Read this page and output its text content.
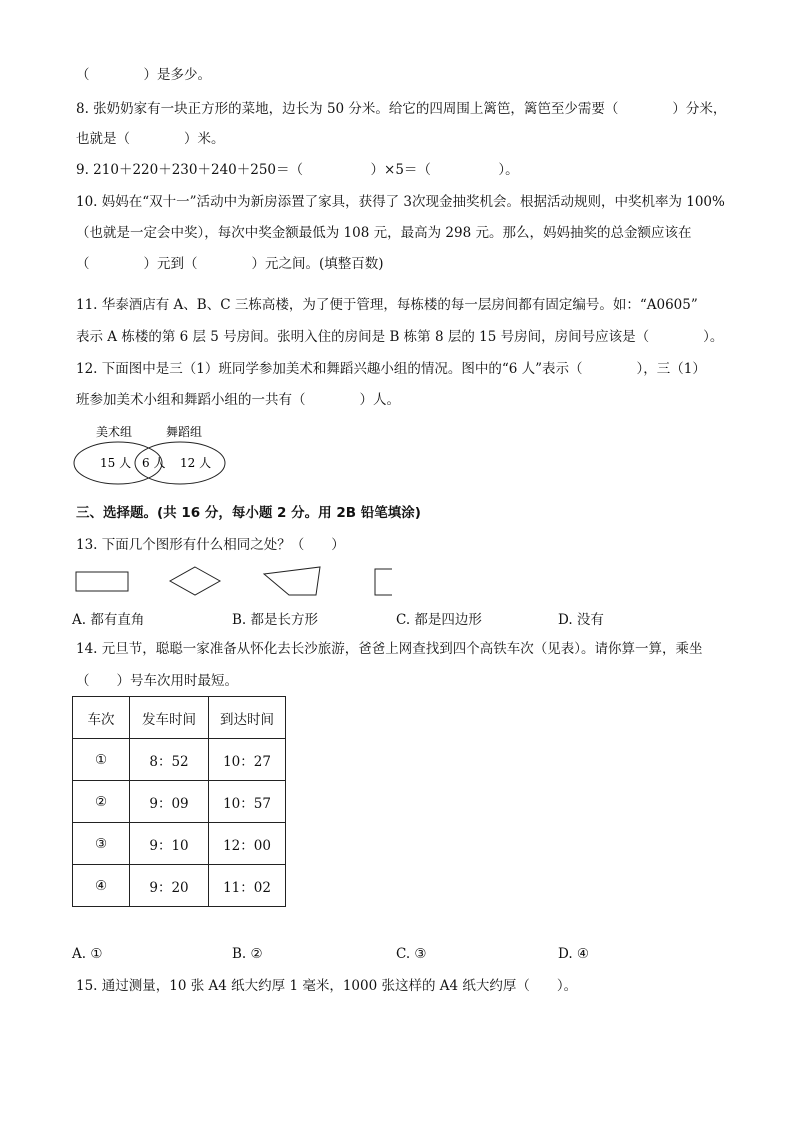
（　　　　）是多少。
8. 张奶奶家有一块正方形的菜地，边长为 50 分米。给它的四周围上篱笆，篱笆至少需要（　　　　）分米，
也就是（　　　　）米。
9. 210＋220＋230＋240＋250＝（　　　　　）×5＝（　　　　　）。
10. 妈妈在“双十一”活动中为新房添置了家具，获得了 3次现金抽奖机会。根据活动规则，中奖机率为 100%
（也就是一定会中奖），每次中奖金额最低为 108 元，最高为 298 元。那么，妈妈抽奖的总金额应该在
（　　　　）元到（　　　　）元之间。(填整百数)
11. 华泰酒店有 A、B、C 三栋高楼，为了便于管理，每栋楼的每一层房间都有固定编号。如：“A0605”
表示 A 栋楼的第 6 层 5 号房间。张明入住的房间是 B 栋第 8 层的 15 号房间，房间号应该是（　　　　）。
12. 下面图中是三（1）班同学参加美术和舞蹈兴趣小组的情况。图中的“6 人”表示（　　　　），三（1）
班参加美术小组和舞蹈小组的一共有（　　　　）人。
美术组	舞蹈组
15 人 6 人 12 人
三、选择题。(共 16 分，每小题 2 分。用 2B 铅笔填涂)
13. 下面几个图形有什么相同之处？（　　）
A. 都有直角	B. 都是长方形	C. 都是四边形	D. 没有
14. 元旦节，聪聪一家准备从怀化去长沙旅游，爸爸上网查找到四个高铁车次（见表）。请你算一算，乘坐
（　　）号车次用时最短。
车次	发车时间	到达时间
①	8：52	10：27
②	9：09	10：57
③	9：10	12：00
④	9：20	11：02
A. ①	B. ②	C. ③	D. ④
15. 通过测量，10 张 A4 纸大约厚 1 毫米，1000 张这样的 A4 纸大约厚（　　）。
